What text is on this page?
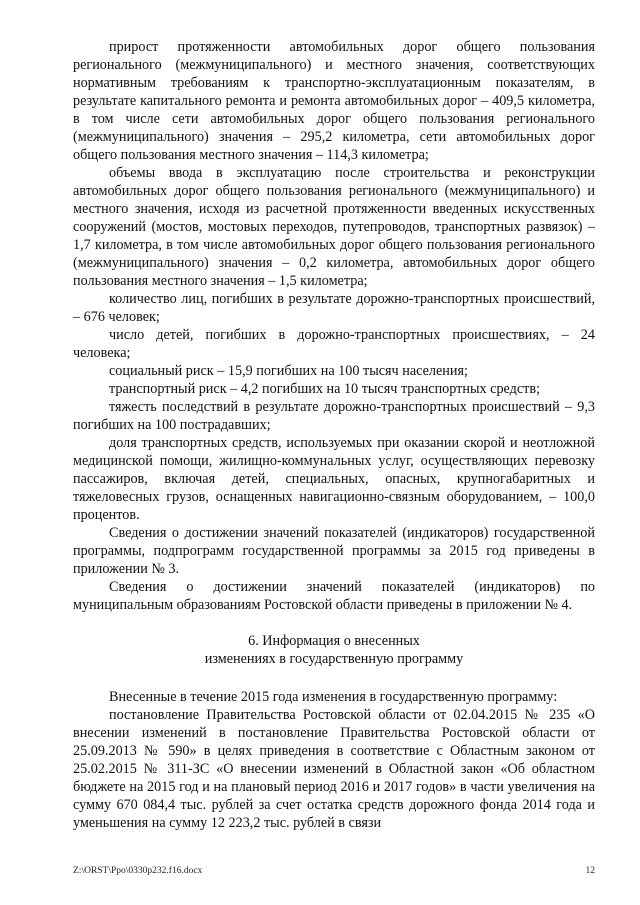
прирост протяженности автомобильных дорог общего пользования регионального (межмуниципального) и местного значения, соответствующих нормативным требованиям к транспортно-эксплуатационным показателям, в результате капитального ремонта и ремонта автомобильных дорог – 409,5 километра, в том числе сети автомобильных дорог общего пользования регионального (межмуниципального) значения – 295,2 километра, сети автомобильных дорог общего пользования местного значения – 114,3 километра;

объемы ввода в эксплуатацию после строительства и реконструкции автомобильных дорог общего пользования регионального (межмуниципального) и местного значения, исходя из расчетной протяженности введенных искусственных сооружений (мостов, мостовых переходов, путепроводов, транспортных развязок) – 1,7 километра, в том числе автомобильных дорог общего пользования регионального (межмуниципального) значения – 0,2 километра, автомобильных дорог общего пользования местного значения – 1,5 километра;

количество лиц, погибших в результате дорожно-транспортных происшествий, – 676 человек;

число детей, погибших в дорожно-транспортных происшествиях, – 24 человека;

социальный риск – 15,9 погибших на 100 тысяч населения;

транспортный риск – 4,2 погибших на 10 тысяч транспортных средств;

тяжесть последствий в результате дорожно-транспортных происшествий – 9,3 погибших на 100 пострадавших;

доля транспортных средств, используемых при оказании скорой и неотложной медицинской помощи, жилищно-коммунальных услуг, осуществляющих перевозку пассажиров, включая детей, специальных, опасных, крупногабаритных и тяжеловесных грузов, оснащенных навигационно-связным оборудованием, – 100,0 процентов.

Сведения о достижении значений показателей (индикаторов) государственной программы, подпрограмм государственной программы за 2015 год приведены в приложении № 3.

Сведения о достижении значений показателей (индикаторов) по муниципальным образованиям Ростовской области приведены в приложении № 4.

6. Информация о внесенных
изменениях в государственную программу

Внесенные в течение 2015 года изменения в государственную программу:

постановление Правительства Ростовской области от 02.04.2015 № 235 «О внесении изменений в постановление Правительства Ростовской области от 25.09.2013 № 590» в целях приведения в соответствие с Областным законом от 25.02.2015 № 311-ЗС «О внесении изменений в Областной закон «Об областном бюджете на 2015 год и на плановый период 2016 и 2017 годов» в части увеличения на сумму 670 084,4 тыс. рублей за счет остатка средств дорожного фонда 2014 года и уменьшения на сумму 12 223,2 тыс. рублей в связи

Z:\ORST\Ppo\0330p232.f16.docx	12
